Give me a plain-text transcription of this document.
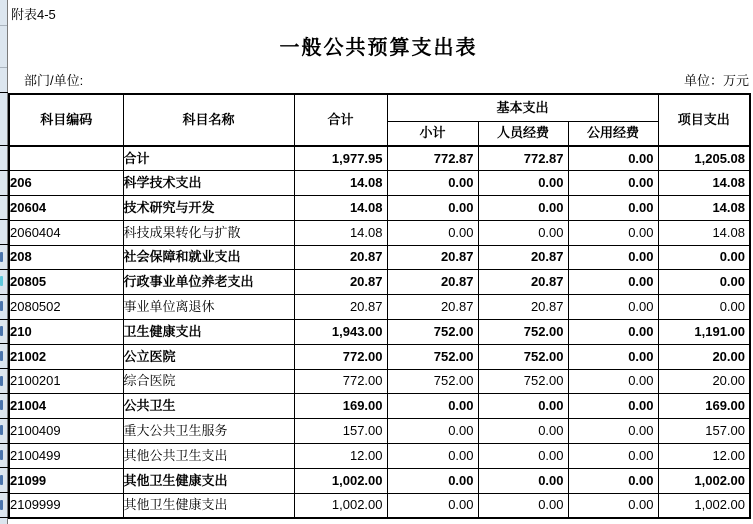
附表4-5
一般公共预算支出表
部门/单位:	单位：万元
科目编码	科目名称	合计	基本支出			项目支出
			小计	人员经费	公用经费	
	合计	1,977.95	772.87	772.87	0.00	1,205.08
206	科学技术支出	14.08	0.00	0.00	0.00	14.08
20604	技术研究与开发	14.08	0.00	0.00	0.00	14.08
2060404	科技成果转化与扩散	14.08	0.00	0.00	0.00	14.08
208	社会保障和就业支出	20.87	20.87	20.87	0.00	0.00
20805	行政事业单位养老支出	20.87	20.87	20.87	0.00	0.00
2080502	事业单位离退休	20.87	20.87	20.87	0.00	0.00
210	卫生健康支出	1,943.00	752.00	752.00	0.00	1,191.00
21002	公立医院	772.00	752.00	752.00	0.00	20.00
2100201	综合医院	772.00	752.00	752.00	0.00	20.00
21004	公共卫生	169.00	0.00	0.00	0.00	169.00
2100409	重大公共卫生服务	157.00	0.00	0.00	0.00	157.00
2100499	其他公共卫生支出	12.00	0.00	0.00	0.00	12.00
21099	其他卫生健康支出	1,002.00	0.00	0.00	0.00	1,002.00
2109999	其他卫生健康支出	1,002.00	0.00	0.00	0.00	1,002.00
